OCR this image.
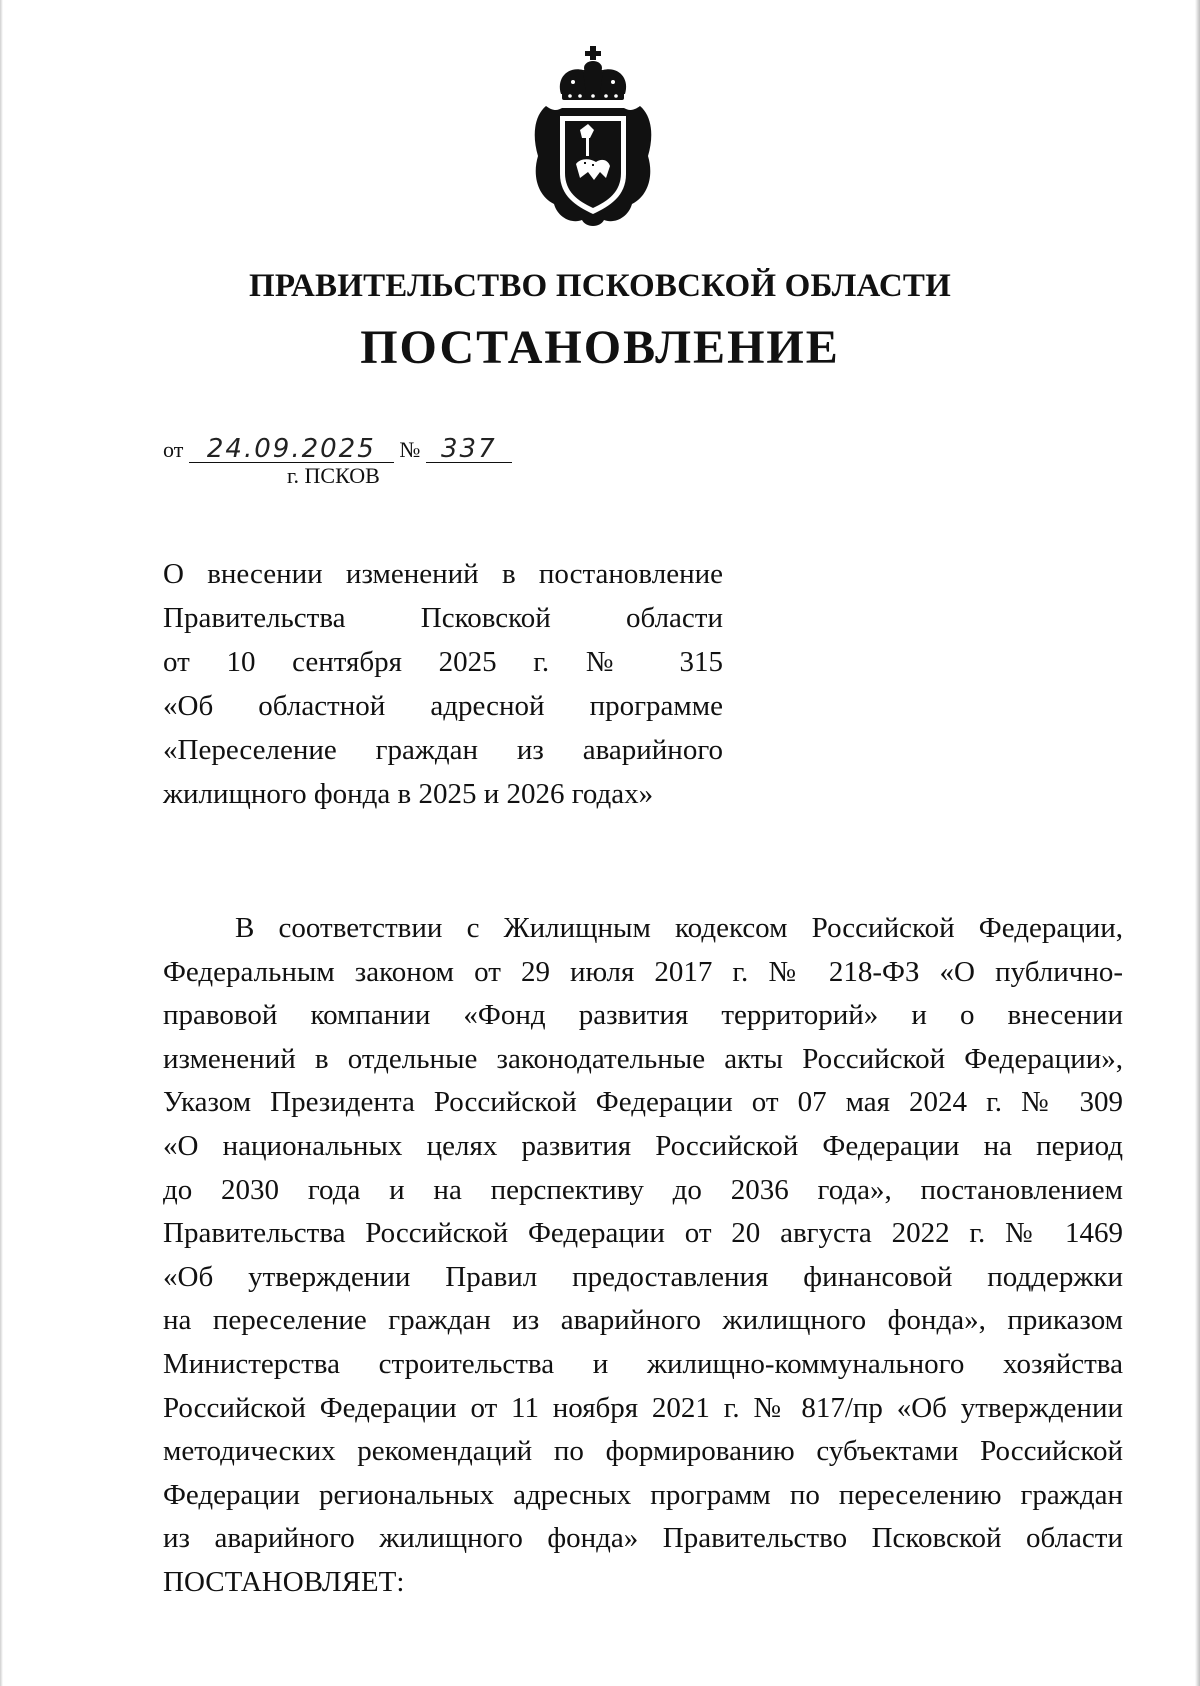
ПРАВИТЕЛЬСТВО ПСКОВСКОЙ ОБЛАСТИ
ПОСТАНОВЛЕНИЕ
от 24.09.2025 № 337
г. ПСКОВ
О внесении изменений в постановление
Правительства Псковской области
от 10 сентября 2025 г. № 315
«Об областной адресной программе
«Переселение граждан из аварийного
жилищного фонда в 2025 и 2026 годах»
В соответствии с Жилищным кодексом Российской Федерации,
Федеральным законом от 29 июля 2017 г. № 218-ФЗ «О публично-
правовой компании «Фонд развития территорий» и о внесении
изменений в отдельные законодательные акты Российской Федерации»,
Указом Президента Российской Федерации от 07 мая 2024 г. № 309
«О национальных целях развития Российской Федерации на период
до 2030 года и на перспективу до 2036 года», постановлением
Правительства Российской Федерации от 20 августа 2022 г. № 1469
«Об утверждении Правил предоставления финансовой поддержки
на переселение граждан из аварийного жилищного фонда», приказом
Министерства строительства и жилищно-коммунального хозяйства
Российской Федерации от 11 ноября 2021 г. № 817/пр «Об утверждении
методических рекомендаций по формированию субъектами Российской
Федерации региональных адресных программ по переселению граждан
из аварийного жилищного фонда» Правительство Псковской области
ПОСТАНОВЛЯЕТ:
